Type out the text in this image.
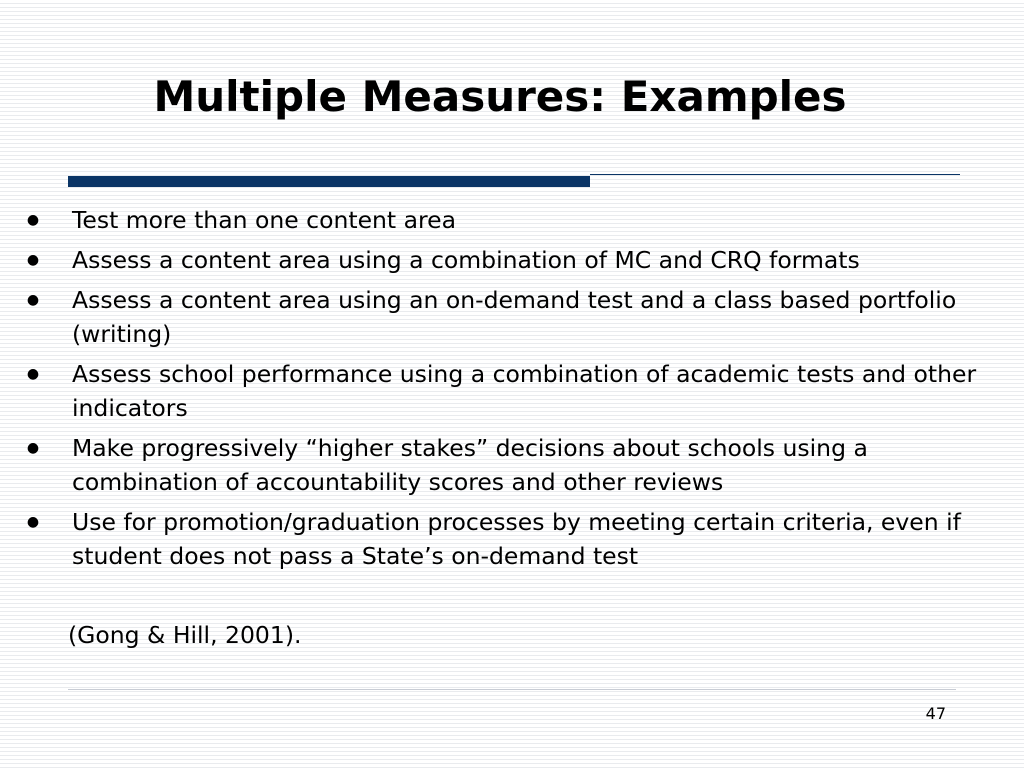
Multiple Measures: Examples
● Test more than one content area
● Assess a content area using a combination of MC and CRQ formats
● Assess a content area using an on-demand test and a class based portfolio (writing)
● Assess school performance using a combination of academic tests and other indicators
● Make progressively “higher stakes” decisions about schools using a combination of accountability scores and other reviews
● Use for promotion/graduation processes by meeting certain criteria, even if student does not pass a State’s on-demand test
(Gong & Hill, 2001).
47
